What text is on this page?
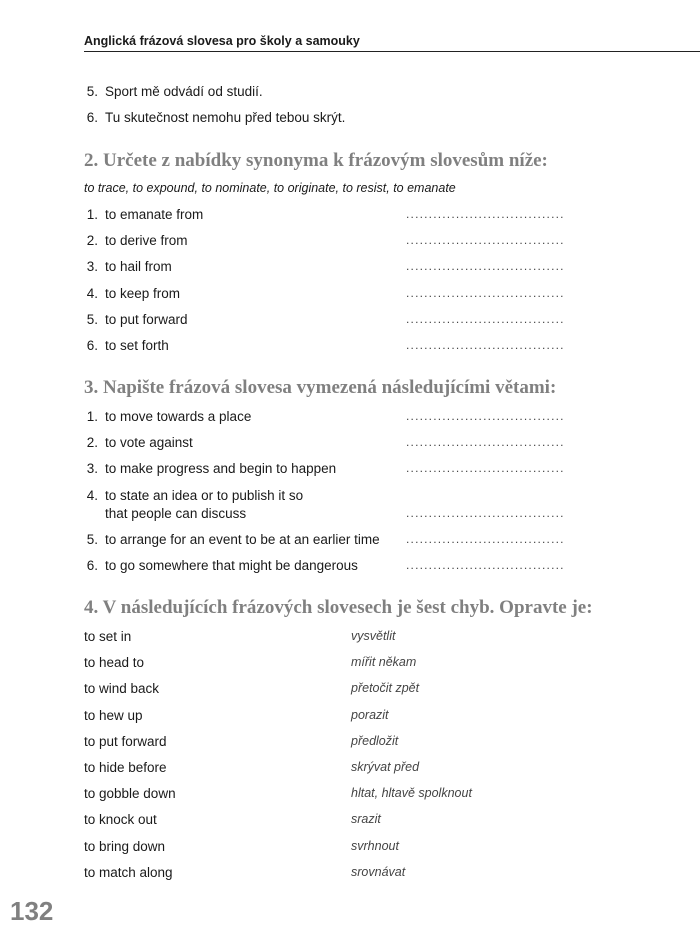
Anglická frázová slovesa pro školy a samouky
5. Sport mě odvádí od studií.
6. Tu skutečnost nemohu před tebou skrýt.
2. Určete z nabídky synonyma k frázovým slovesům níže:
to trace, to expound, to nominate, to originate, to resist, to emanate
1. to emanate from	...................................
2. to derive from	...................................
3. to hail from	...................................
4. to keep from	...................................
5. to put forward	...................................
6. to set forth	...................................
3. Napište frázová slovesa vymezená následujícími větami:
1. to move towards a place	...................................
2. to vote against	...................................
3. to make progress and begin to happen	...................................
4. to state an idea or to publish it so
that people can discuss	...................................
5. to arrange for an event to be at an earlier time	...................................
6. to go somewhere that might be dangerous	...................................
4. V následujících frázových slovesech je šest chyb. Opravte je:
to set in	vysvětlit
to head to	mířit někam
to wind back	přetočit zpět
to hew up	porazit
to put forward	předložit
to hide before	skrývat před
to gobble down	hltat, hltavě spolknout
to knock out	srazit
to bring down	svrhnout
to match along	srovnávat
132
